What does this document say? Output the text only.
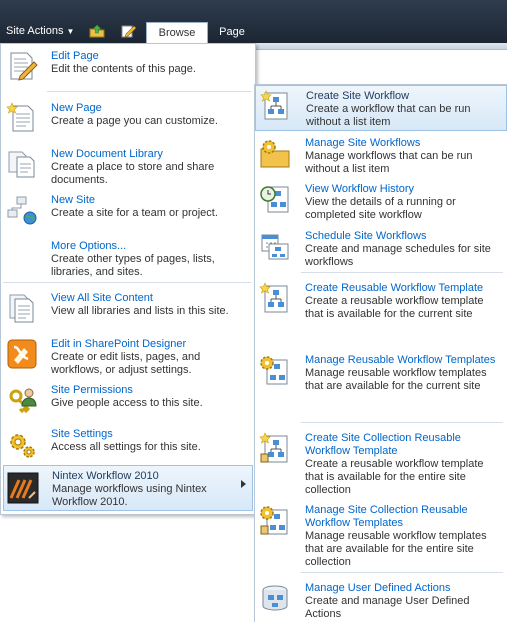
Site Actions ▼	Browse	Page
Edit Page
Edit the contents of this page.
New Page
Create a page you can customize.
New Document Library
Create a place to store and share documents.
New Site
Create a site for a team or project.
More Options...
Create other types of pages, lists, libraries, and sites.
View All Site Content
View all libraries and lists in this site.
Edit in SharePoint Designer
Create or edit lists, pages, and workflows, or adjust settings.
Site Permissions
Give people access to this site.
Site Settings
Access all settings for this site.
Nintex Workflow 2010
Manage workflows using Nintex Workflow 2010.
Create Site Workflow
Create a workflow that can be run without a list item
Manage Site Workflows
Manage workflows that can be run without a list item
View Workflow History
View the details of a running or completed site workflow
Schedule Site Workflows
Create and manage schedules for site workflows
Create Reusable Workflow Template
Create a reusable workflow template that is available for the current site
Manage Reusable Workflow Templates
Manage reusable workflow templates that are available for the current site
Create Site Collection Reusable Workflow Template
Create a reusable workflow template that is available for the entire site collection
Manage Site Collection Reusable Workflow Templates
Manage reusable workflow templates that are available for the entire site collection
Manage User Defined Actions
Create and manage User Defined Actions
